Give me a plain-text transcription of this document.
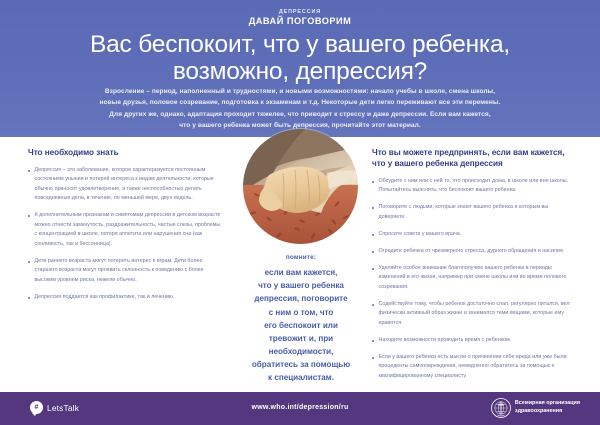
ДЕПРЕССИЯ
ДАВАЙ ПОГОВОРИМ
Вас беспокоит, что у вашего ребенка,
возможно, депрессия?
Взросление – период, наполненный и трудностями, и новыми возможностями: начало учебы в школе, смена школы,
новые друзья, половое созревание, подготовка к экзаменам и т.д. Некоторые дети легко переживают все эти перемены.
Для других же, однако, адаптация проходит тяжелее, что приводит к стрессу и даже депрессии. Если вам кажется,
что у вашего ребенка может быть депрессия, прочитайте этот материал.
Что необходимо знать
Депрессия – это заболевание, которое характеризуется постоянным состоянием уныния и потерей интереса к видам деятельности, которые обычно приносят удовлетворение, а также неспособностью делать повседневные дела, в течение, по меньшей мере, двух недель.
К дополнительным признакам и симптомам депрессии в детском возрасте можно отнести замкнутость, раздражительность, частые слезы, проблемы с концентрацией в школе, потеря аппетита или нарушения сна (как сонливость, так и бессонница).
Дети раннего возраста могут потерять интерес к играм. Дети более старшего возраста могут проявить склонность к поведению с более высоким уровнем риска, нежели обычно.
Депрессия поддается как профилактике, так и лечению.
помните:
если вам кажется,
что у вашего ребенка
депрессия, поговорите
с ним о том, что
его беспокоит или
тревожит и, при
необходимости,
обратитесь за помощью
к специалистам.
Что вы можете предпринять, если вам кажется, что у вашего ребенка депрессия
Обсудите с ним или с ней то, что происходит дома, в школе или вне школы. Попытайтесь выяснить, что беспокоит вашего ребенка.
Поговорите с людьми, которые знают вашего ребенка и которым вы доверяете.
Спросите совета у вашего врача.
Оградите ребенка от чрезмерного стресса, дурного обращения и насилия.
Уделяйте особое внимание благополучию вашего ребенка в периоды изменений в его жизни, например при смене школы или во время полового созревания.
Содействуйте тому, чтобы ребенок достаточно спал, регулярно питался, вел физически активный образ жизни и занимался теми вещами, которые ему нравятся.
Находите возможности проводить время с ребенком.
Если у вашего ребенка есть мысли о причинении себе вреда или уже были прецеденты самоповреждения, немедленно обратитесь за помощью к квалифицированному специалисту.
# LetsTalk	www.who.int/depression/ru
Всемирная организация
здравоохранения
